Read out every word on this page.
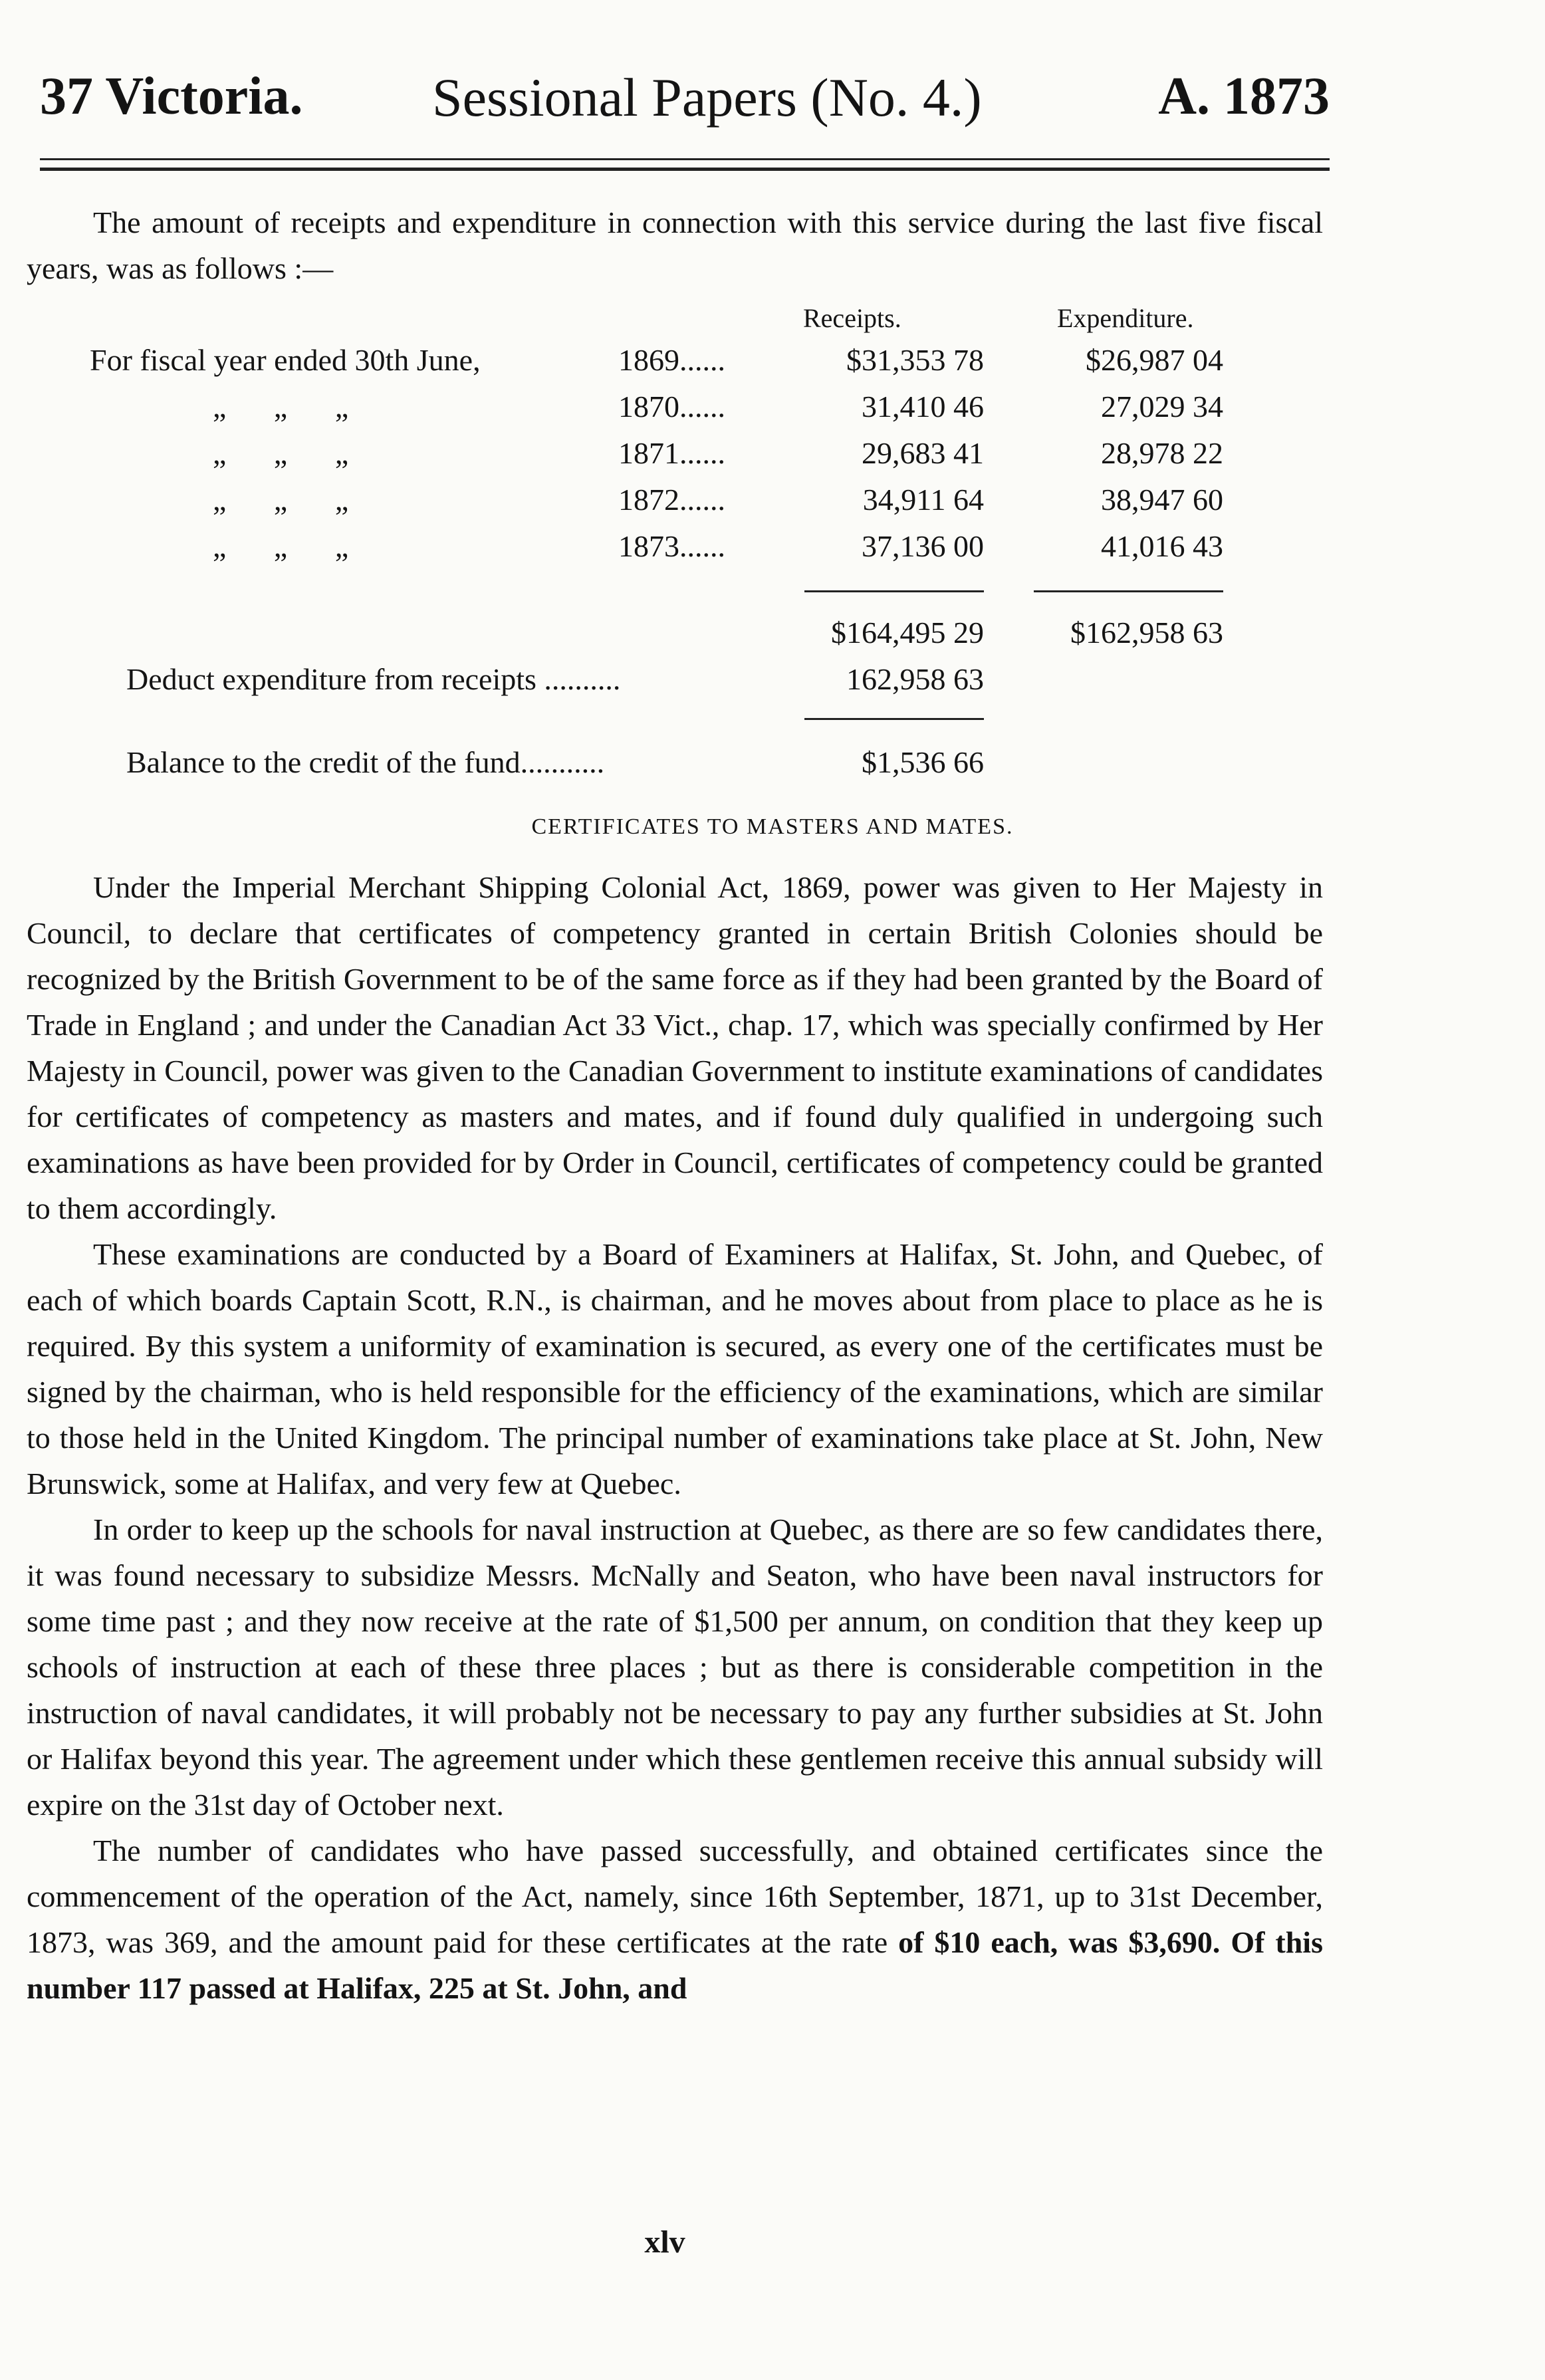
37 Victoria. Sessional Papers (No. 4.)	A. 1873

The amount of receipts and expenditure in connection with this service during the last five fiscal years, was as follows :—

Receipts.	Expenditure.
For fiscal year ended 30th June,	1869......	$31,353 78	$26,987 04
„ „ „	1870......	31,410 46	27,029 34
„ „ „	1871......	29,683 41	28,978 22
„ „ „	1872......	34,911 64	38,947 60
„ „ „	1873......	37,136 00	41,016 43
$164,495 29	$162,958 63
Deduct expenditure from receipts ..........	162,958 63
Balance to the credit of the fund...........	$1,536 66
CERTIFICATES TO MASTERS AND MATES.

Under the Imperial Merchant Shipping Colonial Act, 1869, power was given to Her Majesty in Council, to declare that certificates of competency granted in certain British Colonies should be recognized by the British Government to be of the same force as if they had been granted by the Board of Trade in England ; and under the Canadian Act 33 Vict., chap. 17, which was specially confirmed by Her Majesty in Council, power was given to the Canadian Government to institute examinations of candidates for certificates of competency as masters and mates, and if found duly qualified in undergoing such examinations as have been provided for by Order in Council, certificates of competency could be granted to them accordingly.

These examinations are conducted by a Board of Examiners at Halifax, St. John, and Quebec, of each of which boards Captain Scott, R.N., is chairman, and he moves about from place to place as he is required. By this system a uniformity of examination is secured, as every one of the certificates must be signed by the chairman, who is held responsible for the efficiency of the examinations, which are similar to those held in the United Kingdom. The principal number of examinations take place at St. John, New Brunswick, some at Halifax, and very few at Quebec.

In order to keep up the schools for naval instruction at Quebec, as there are so few candidates there, it was found necessary to subsidize Messrs. McNally and Seaton, who have been naval instructors for some time past ; and they now receive at the rate of $1,500 per annum, on condition that they keep up schools of instruction at each of these three places ; but as there is considerable competition in the instruction of naval candidates, it will probably not be necessary to pay any further subsidies at St. John or Halifax beyond this year. The agreement under which these gentlemen receive this annual subsidy will expire on the 31st day of October next.

The number of candidates who have passed successfully, and obtained certificates since the commencement of the operation of the Act, namely, since 16th September, 1871, up to 31st December, 1873, was 369, and the amount paid for these certificates at the rate of $10 each, was $3,690. Of this number 117 passed at Halifax, 225 at St. John, and

xlv
